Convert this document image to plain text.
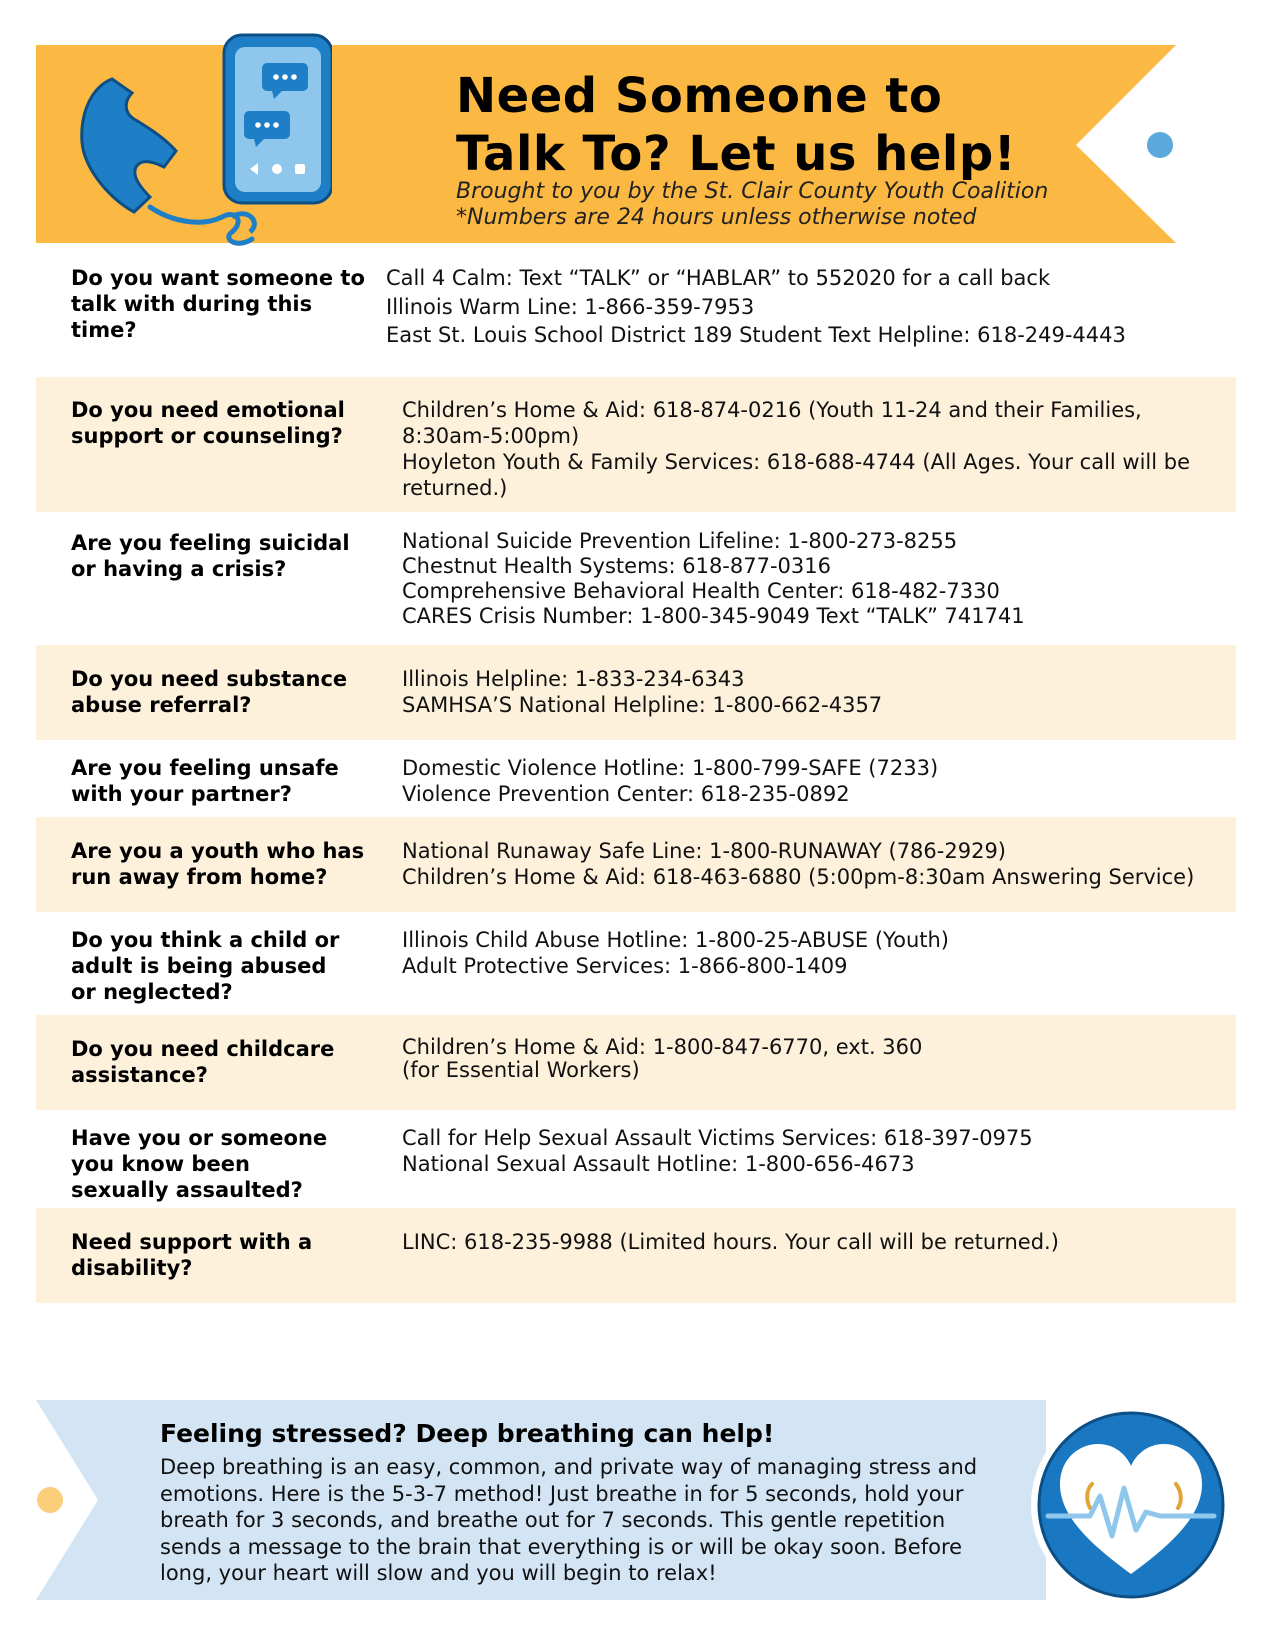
Need Someone to
Talk To? Let us help!
Brought to you by the St. Clair County Youth Coalition
*Numbers are 24 hours unless otherwise noted
Do you want someone to talk with during this time?
Call 4 Calm: Text “TALK” or “HABLAR” to 552020 for a call back
Illinois Warm Line: 1-866-359-7953
East St. Louis School District 189 Student Text Helpline: 618-249-4443
Do you need emotional support or counseling?
Children’s Home & Aid: 618-874-0216 (Youth 11-24 and their Families, 8:30am-5:00pm)
Hoyleton Youth & Family Services: 618-688-4744 (All Ages. Your call will be returned.)
Are you feeling suicidal or having a crisis?
National Suicide Prevention Lifeline: 1-800-273-8255
Chestnut Health Systems: 618-877-0316
Comprehensive Behavioral Health Center: 618-482-7330
CARES Crisis Number: 1-800-345-9049 Text “TALK” 741741
Do you need substance abuse referral?
Illinois Helpline: 1-833-234-6343
SAMHSA’S National Helpline: 1-800-662-4357
Are you feeling unsafe with your partner?
Domestic Violence Hotline: 1-800-799-SAFE (7233)
Violence Prevention Center: 618-235-0892
Are you a youth who has run away from home?
National Runaway Safe Line: 1-800-RUNAWAY (786-2929)
Children’s Home & Aid: 618-463-6880 (5:00pm-8:30am Answering Service)
Do you think a child or adult is being abused or neglected?
Illinois Child Abuse Hotline: 1-800-25-ABUSE (Youth)
Adult Protective Services: 1-866-800-1409
Do you need childcare assistance?
Children’s Home & Aid: 1-800-847-6770, ext. 360
(for Essential Workers)
Have you or someone you know been sexually assaulted?
Call for Help Sexual Assault Victims Services: 618-397-0975
National Sexual Assault Hotline: 1-800-656-4673
Need support with a disability?
LINC: 618-235-9988 (Limited hours. Your call will be returned.)
Feeling stressed? Deep breathing can help!
Deep breathing is an easy, common, and private way of managing stress and emotions. Here is the 5-3-7 method! Just breathe in for 5 seconds, hold your breath for 3 seconds, and breathe out for 7 seconds. This gentle repetition sends a message to the brain that everything is or will be okay soon. Before long, your heart will slow and you will begin to relax!
